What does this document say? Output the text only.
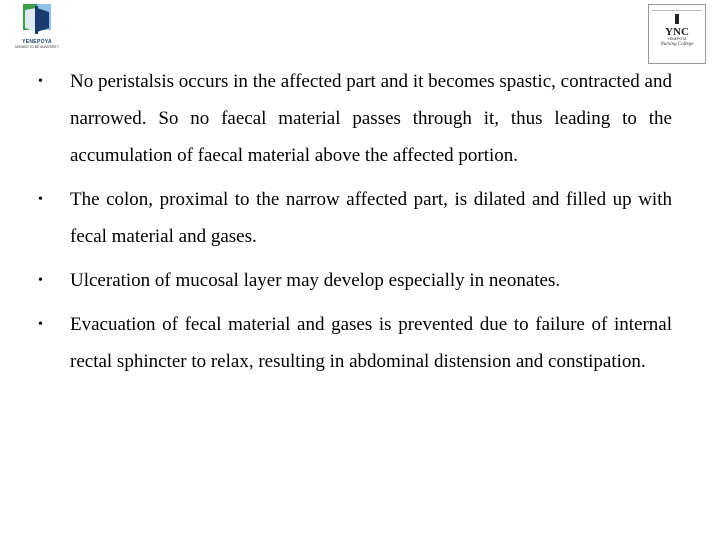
YENEPOYA
DEEMED TO BE UNIVERSITY
YNC
YENEPOYA
Nursing College
• No peristalsis occurs in the affected part and it becomes spastic, contracted and narrowed. So no faecal material passes through it, thus leading to the accumulation of faecal material above the affected portion.
• The colon, proximal to the narrow affected part, is dilated and filled up with fecal material and gases.
• Ulceration of mucosal layer may develop especially in neonates.
• Evacuation of fecal material and gases is prevented due to failure of internal rectal sphincter to relax, resulting in abdominal distension and constipation.
